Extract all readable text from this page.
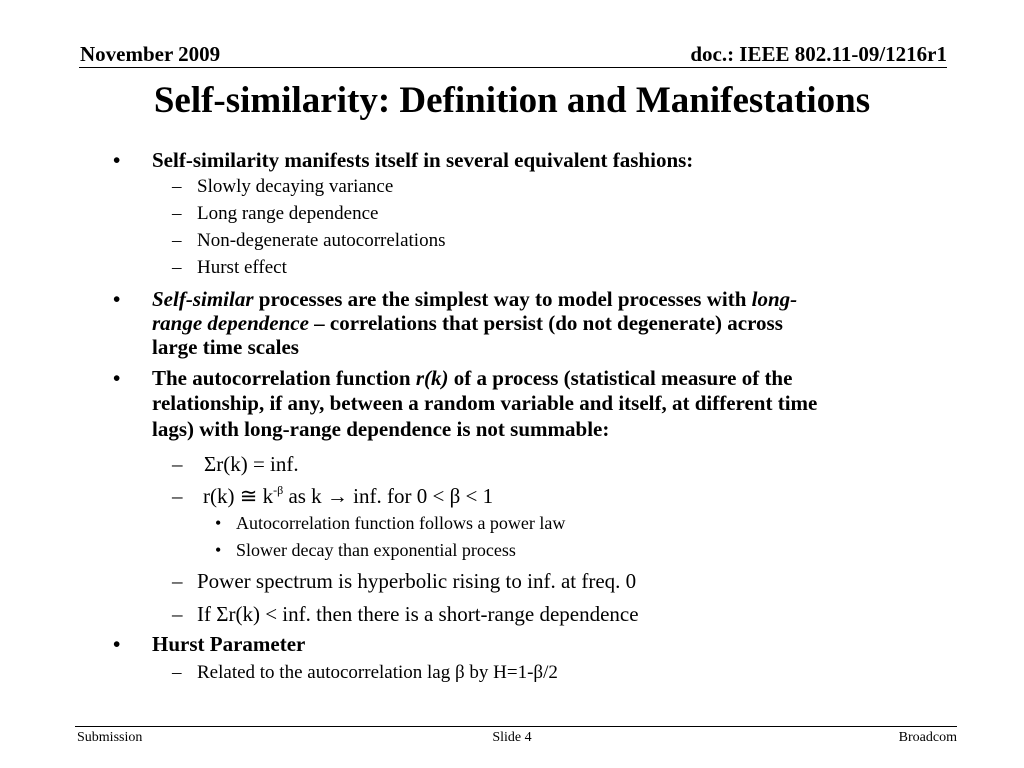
November 2009	doc.: IEEE 802.11-09/1216r1
Self-similarity: Definition and Manifestations
• Self-similarity manifests itself in several equivalent fashions:
– Slowly decaying variance
– Long range dependence
– Non-degenerate autocorrelations
– Hurst effect
• Self-similar processes are the simplest way to model processes with long-
range dependence – correlations that persist (do not degenerate) across
large time scales
• The autocorrelation function r(k) of a process (statistical measure of the
relationship, if any, between a random variable and itself, at different time
lags) with long-range dependence is not summable:
– Σr(k) = inf.
– r(k) ≅ $k^{-\beta}$ as k → inf. for 0 < β < 1
• Autocorrelation function follows a power law
• Slower decay than exponential process
– Power spectrum is hyperbolic rising to inf. at freq. 0
– If Σr(k) < inf. then there is a short-range dependence
• Hurst Parameter
– Related to the autocorrelation lag β by H=1-β/2
Submission	Slide 4	Broadcom
